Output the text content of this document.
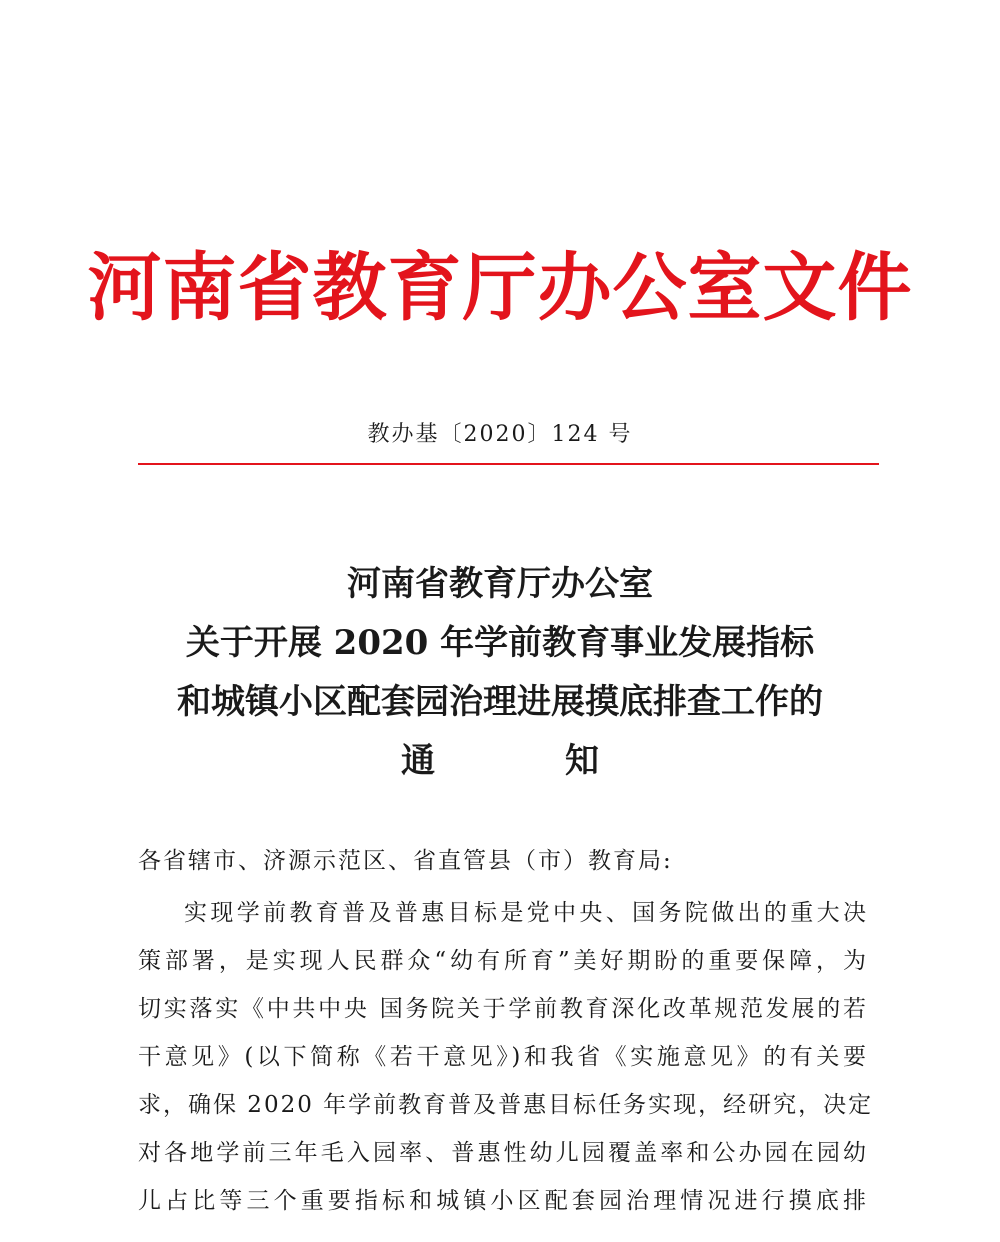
河南省教育厅办公室文件
教办基〔2020〕124 号
河南省教育厅办公室
关于开展 2020 年学前教育事业发展指标
和城镇小区配套园治理进展摸底排查工作的
通	知
各省辖市、济源示范区、省直管县（市）教育局:
实现学前教育普及普惠目标是党中央、国务院做出的重大决
策部署，是实现人民群众“幼有所育”美好期盼的重要保障，为
切实落实《中共中央 国务院关于学前教育深化改革规范发展的若
干意见》(以下简称《若干意见》)和我省《实施意见》的有关要
求，确保 2020 年学前教育普及普惠目标任务实现，经研究，决定
对各地学前三年毛入园率、普惠性幼儿园覆盖率和公办园在园幼
儿占比等三个重要指标和城镇小区配套园治理情况进行摸底排
